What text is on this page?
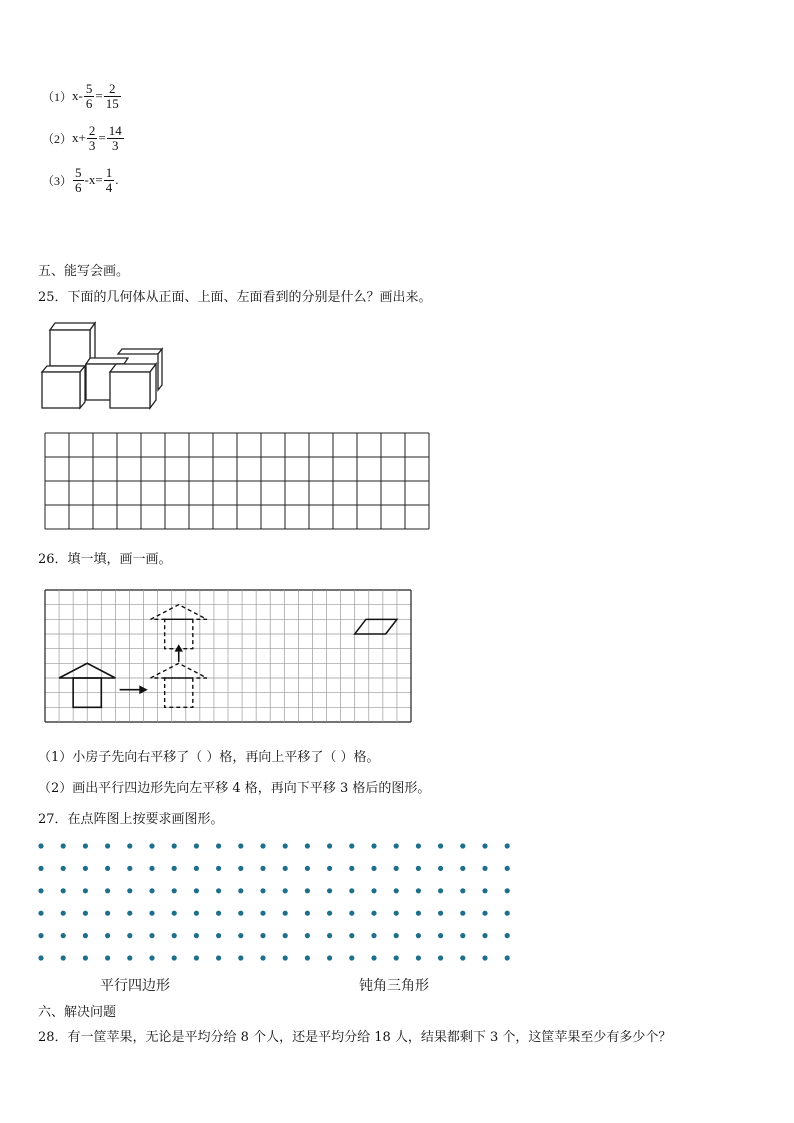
（1） $x - \frac{5}{6} = \frac{2}{15}$
（2） $x + \frac{2}{3} = \frac{14}{3}$
$(3) \frac{5}{6} -x = \frac{1}{4}$ .
五、能写会画。
25．下面的几何体从正面、上面、左面看到的分别是什么？画出来。
26．填一填，画一画。
（1）小房子先向右平移了（ ）格，再向上平移了（ ）格。
（2）画出平行四边形先向左平移 4 格，再向下平移 3 格后的图形。
27．在点阵图上按要求画图形。
平行四边形	钝角三角形
六、解决问题
28．有一筐苹果，无论是平均分给 8 个人，还是平均分给 18 人，结果都剩下 3 个，这筐苹果至少有多少个？
